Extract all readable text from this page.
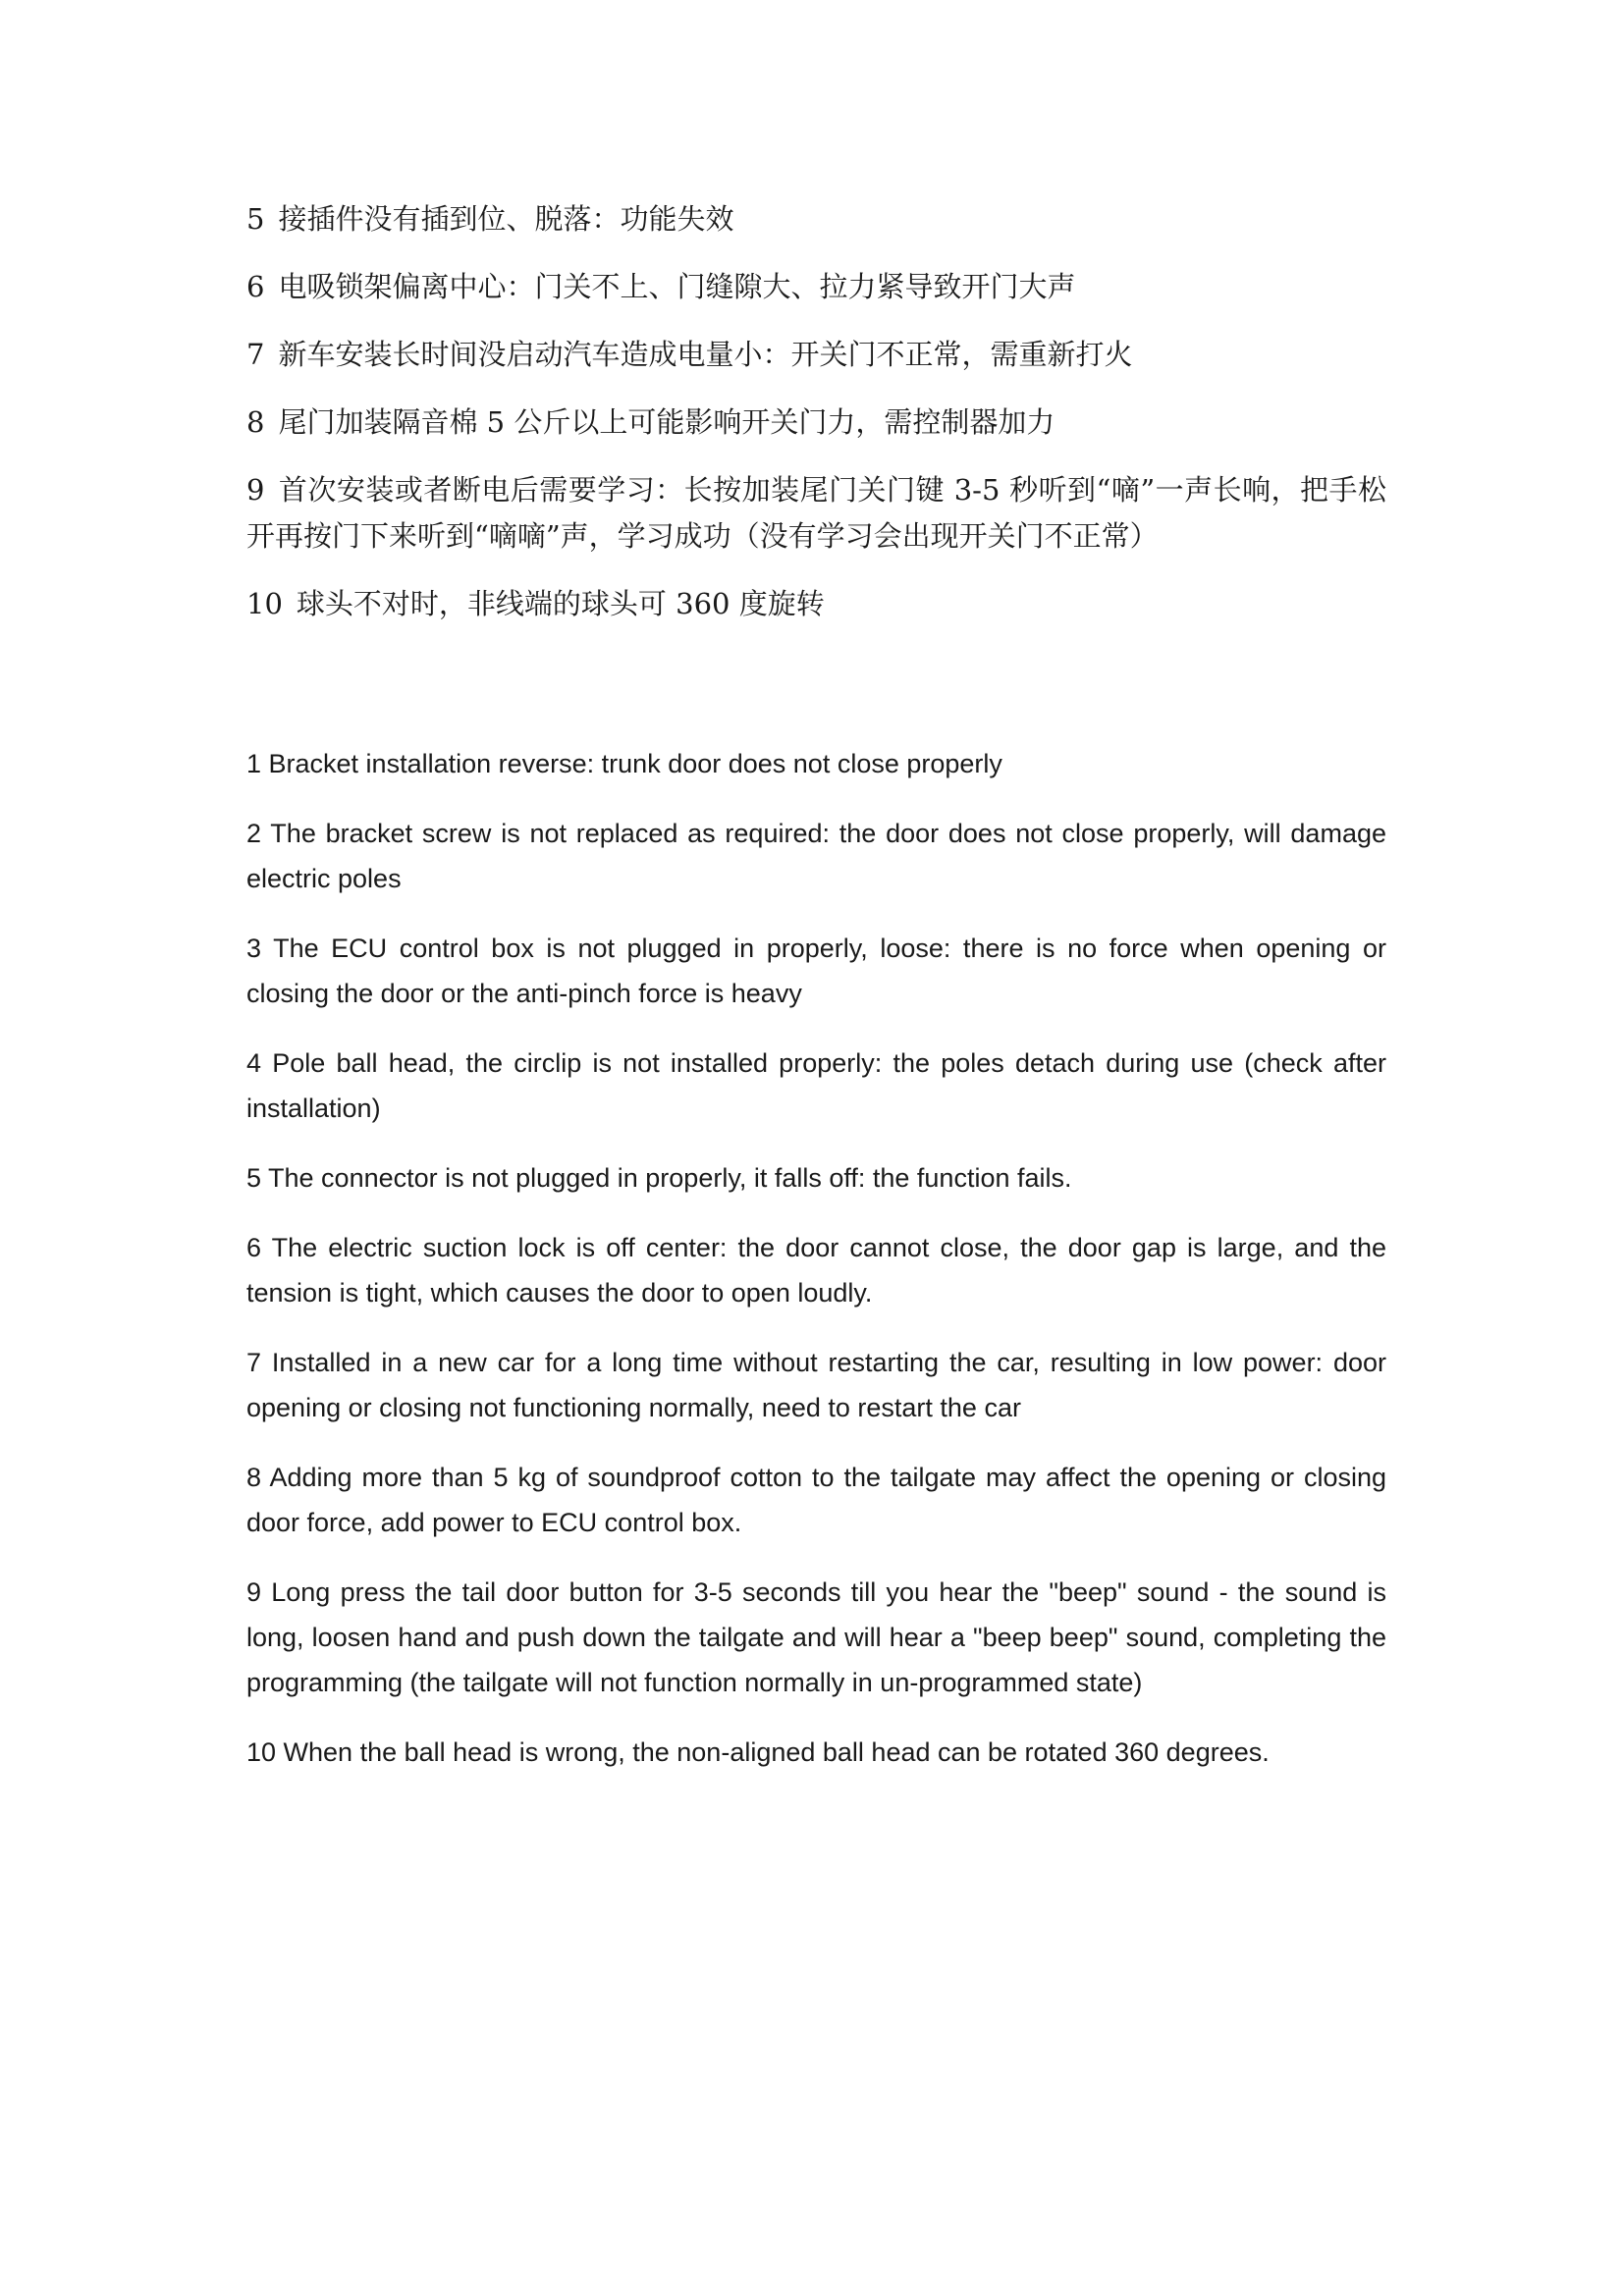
5 接插件没有插到位、脱落：功能失效

6 电吸锁架偏离中心：门关不上、门缝隙大、拉力紧导致开门大声

7 新车安装长时间没启动汽车造成电量小：开关门不正常，需重新打火

8 尾门加装隔音棉 5 公斤以上可能影响开关门力，需控制器加力

9 首次安装或者断电后需要学习：长按加装尾门关门键 3-5 秒听到“嘀”一声长响，把手松开再按门下来听到“嘀嘀”声，学习成功（没有学习会出现开关门不正常）

10 球头不对时，非线端的球头可 360 度旋转

1 Bracket installation reverse: trunk door does not close properly

2 The bracket screw is not replaced as required: the door does not close properly, will damage electric poles

3 The ECU control box is not plugged in properly, loose: there is no force when opening or closing the door or the anti-pinch force is heavy

4 Pole ball head, the circlip is not installed properly: the poles detach during use (check after installation)

5 The connector is not plugged in properly, it falls off: the function fails.

6 The electric suction lock is off center: the door cannot close, the door gap is large, and the tension is tight, which causes the door to open loudly.

7 Installed in a new car for a long time without restarting the car, resulting in low power: door opening or closing not functioning normally, need to restart the car

8 Adding more than 5 kg of soundproof cotton to the tailgate may affect the opening or closing door force, add power to ECU control box.

9 Long press the tail door button for 3-5 seconds till you hear the "beep" sound - the sound is long, loosen hand and push down the tailgate and will hear a "beep beep" sound, completing the programming (the tailgate will not function normally in un-programmed state)

10 When the ball head is wrong, the non-aligned ball head can be rotated 360 degrees.
